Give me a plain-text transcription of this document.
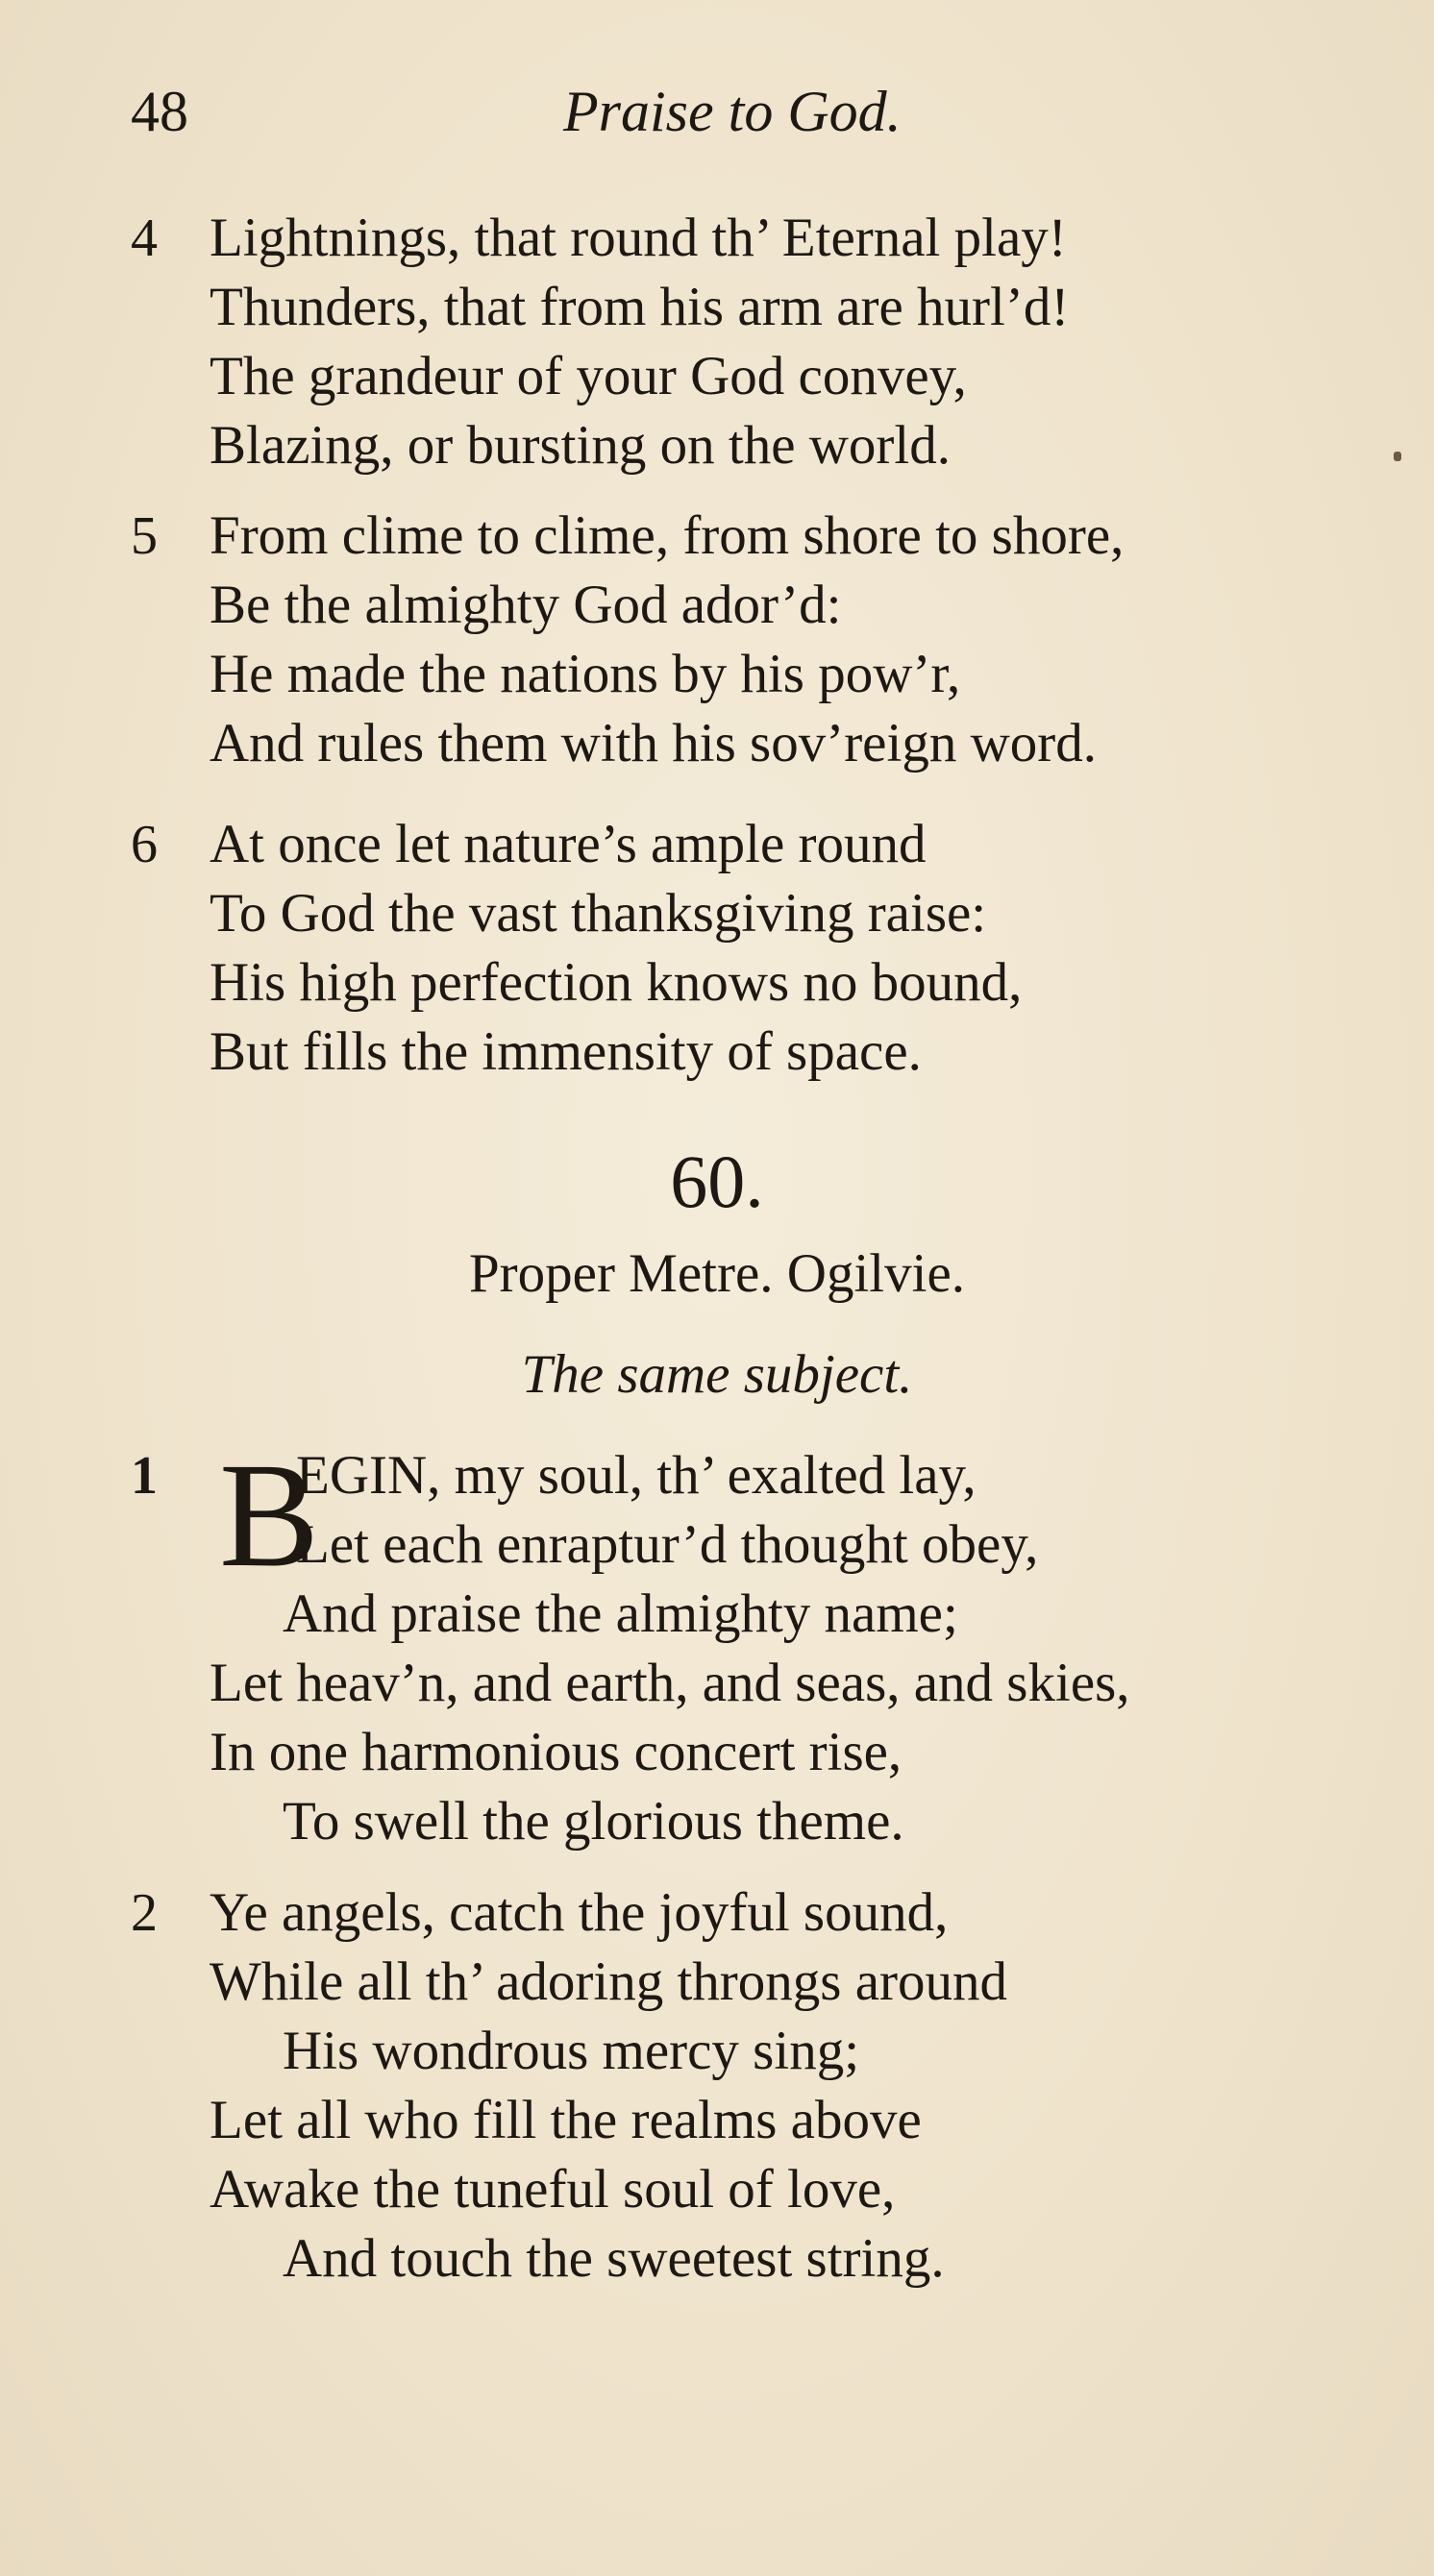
48	Praise to God.
4 Lightnings, that round th’ Eternal play!
Thunders, that from his arm are hurl’d!
The grandeur of your God convey,
Blazing, or bursting on the world.
5 From clime to clime, from shore to shore,
Be the almighty God ador’d:
He made the nations by his pow’r,
And rules them with his sov’reign word.
6 At once let nature’s ample round
To God the vast thanksgiving raise:
His high perfection knows no bound,
But fills the immensity of space.
60.
Proper Metre. Ogilvie.
The same subject.
1 B
EGIN, my soul, th’ exalted lay,
Let each enraptur’d thought obey,
And praise the almighty name;
Let heav’n, and earth, and seas, and skies,
In one harmonious concert rise,
To swell the glorious theme.
2 Ye angels, catch the joyful sound,
While all th’ adoring throngs around
His wondrous mercy sing;
Let all who fill the realms above
Awake the tuneful soul of love,
And touch the sweetest string.
